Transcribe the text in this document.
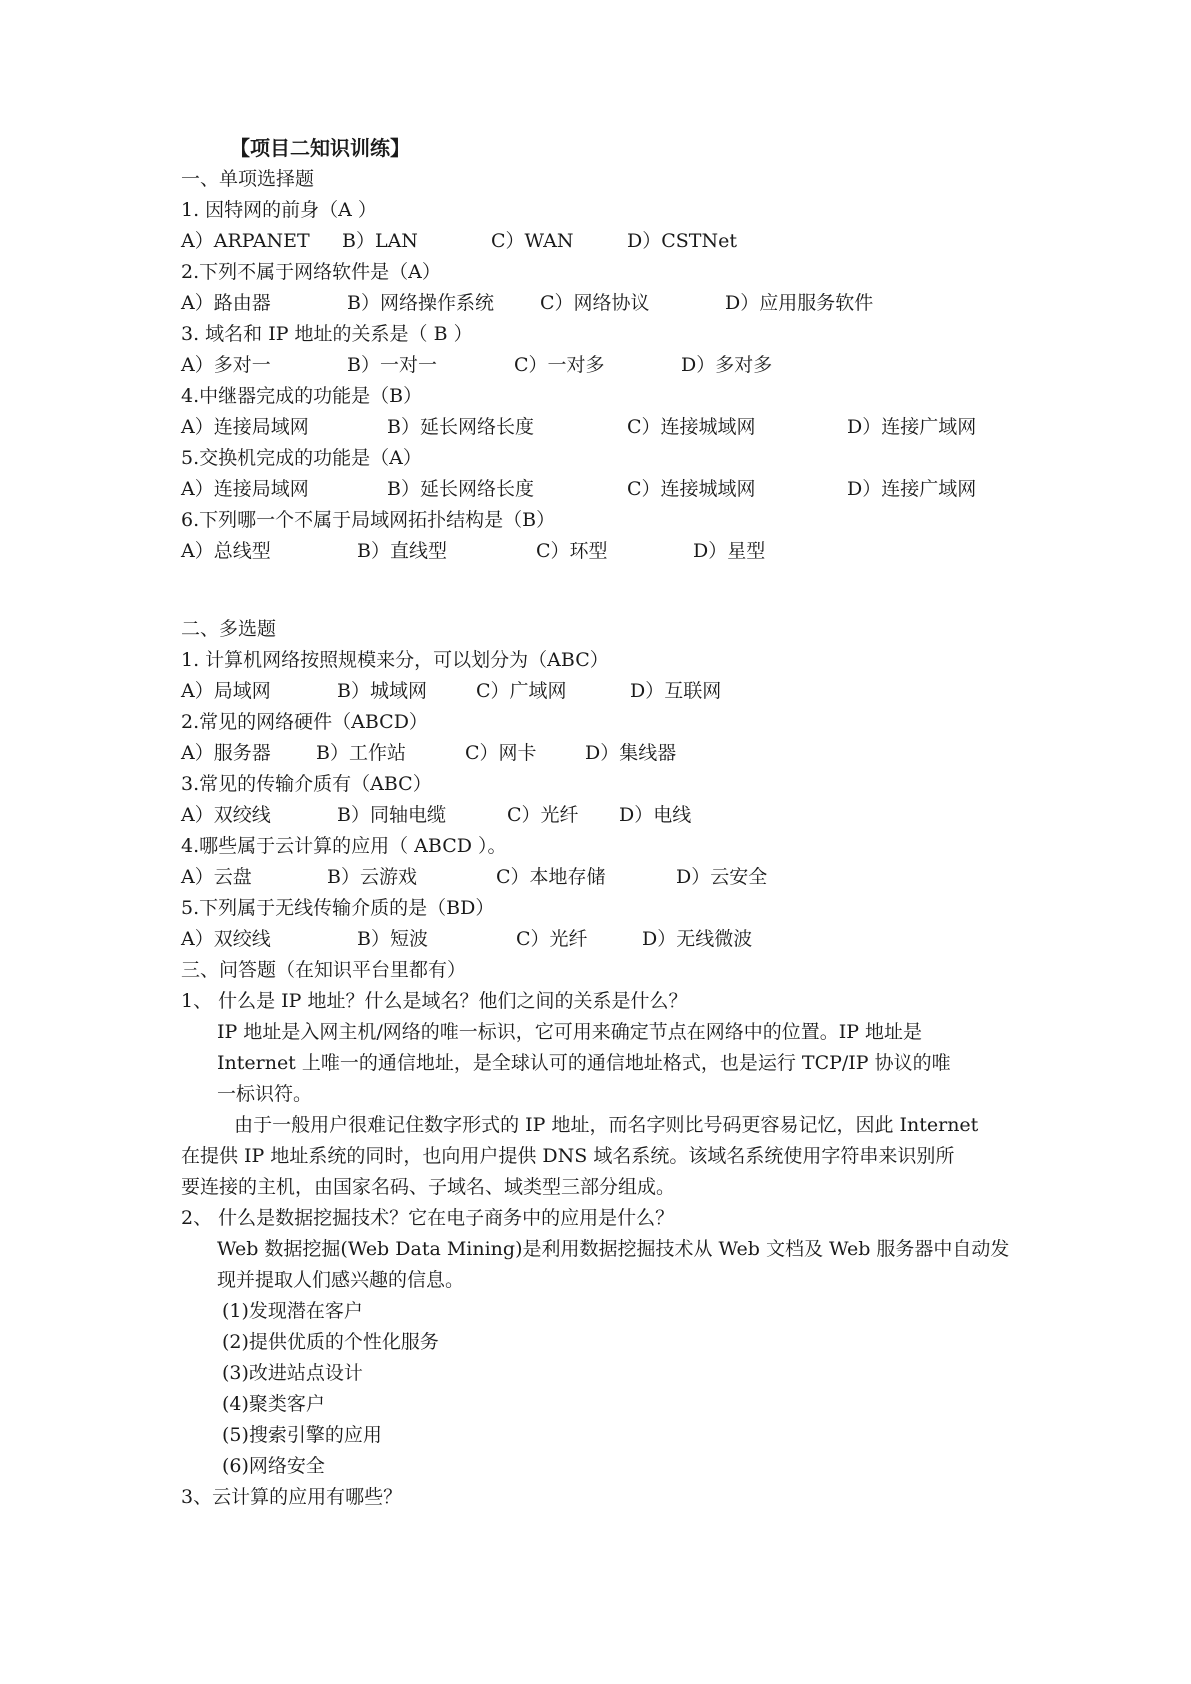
【项目二知识训练】
一、单项选择题
1. 因特网的前身（A ）
A）ARPANET B）LAN	C）WAN	D）CSTNet
2.下列不属于网络软件是（A）
A）路由器	B）网络操作系统 C）网络协议	D）应用服务软件
3. 域名和 IP 地址的关系是（ B ）
A）多对一	B）一对一	C）一对多	D）多对多
4.中继器完成的功能是（B）
A）连接局域网	B）延长网络长度	C）连接城域网	D）连接广域网
5.交换机完成的功能是（A）
A）连接局域网	B）延长网络长度	C）连接城域网	D）连接广域网
6.下列哪一个不属于局域网拓扑结构是（B）
A）总线型	B）直线型	C）环型	D）星型
二、多选题
1. 计算机网络按照规模来分，可以划分为（ABC）
A）局域网	B）城域网	C）广域网	D）互联网
2.常见的网络硬件（ABCD）
A）服务器 B）工作站	C）网卡	D）集线器
3.常见的传输介质有（ABC）
A）双绞线	B）同轴电缆	C）光纤 D）电线
4.哪些属于云计算的应用（ ABCD ）。
A）云盘	B）云游戏	C）本地存储	D）云安全
5.下列属于无线传输介质的是（BD）
A）双绞线	B）短波	C）光纤	D）无线微波
三、问答题（在知识平台里都有）
1、 什么是 IP 地址？什么是域名？他们之间的关系是什么？
IP 地址是入网主机/网络的唯一标识，它可用来确定节点在网络中的位置。IP 地址是
Internet 上唯一的通信地址，是全球认可的通信地址格式，也是运行 TCP/IP 协议的唯
一标识符。
由于一般用户很难记住数字形式的 IP 地址，而名字则比号码更容易记忆，因此 Internet
在提供 IP 地址系统的同时，也向用户提供 DNS 域名系统。该域名系统使用字符串来识别所
要连接的主机，由国家名码、子域名、域类型三部分组成。
2、 什么是数据挖掘技术？它在电子商务中的应用是什么？
Web 数据挖掘(Web Data Mining)是利用数据挖掘技术从 Web 文档及 Web 服务器中自动发
现并提取人们感兴趣的信息。
(1)发现潜在客户
(2)提供优质的个性化服务
(3)改进站点设计
(4)聚类客户
(5)搜索引擎的应用
(6)网络安全
3、云计算的应用有哪些？
